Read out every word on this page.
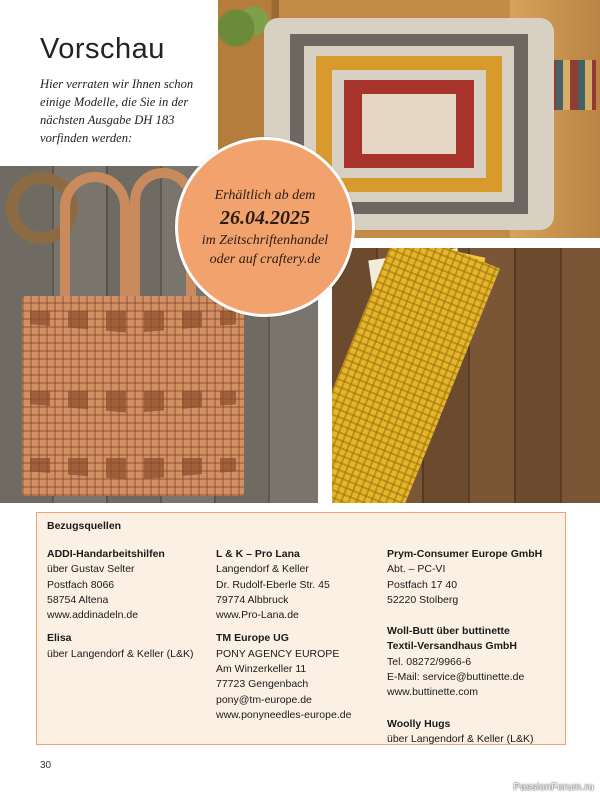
Vorschau
Hier verraten wir Ihnen schon
einige Modelle, die Sie in der
nächsten Ausgabe DH 183
vorfinden werden:
Erhältlich ab dem
26.04.2025
im Zeitschriftenhandel
oder auf craftery.de
Bezugsquellen
ADDI-Handarbeitshilfen
über Gustav Selter
Postfach 8066
58754 Altena
www.addinadeln.de
Elisa
über Langendorf & Keller (L&K)
L & K – Pro Lana
Langendorf & Keller
Dr. Rudolf-Eberle Str. 45
79774 Albbruck
www.Pro-Lana.de
TM Europe UG
PONY AGENCY EUROPE
Am Winzerkeller 11
77723 Gengenbach
pony@tm-europe.de
www.ponyneedles-europe.de
Prym-Consumer Europe GmbH
Abt. – PC-VI
Postfach 17 40
52220 Stolberg
Woll-Butt über buttinette
Textil-Versandhaus GmbH
Tel. 08272/9966-6
E-Mail: service@buttinette.de
www.buttinette.com
Woolly Hugs
über Langendorf & Keller (L&K)
30
PassionForum.ru
